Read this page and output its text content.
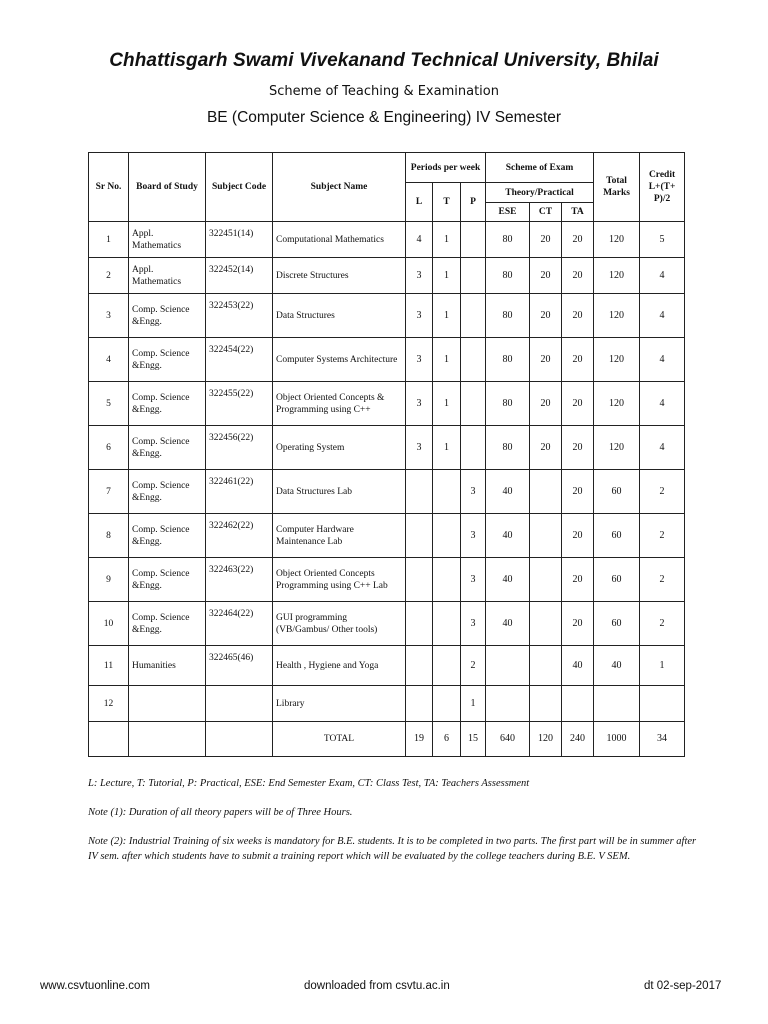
Chhattisgarh Swami Vivekanand Technical University, Bhilai
Scheme of Teaching & Examination
BE (Computer Science & Engineering) IV Semester
Sr No.	Board of Study	Subject Code	Subject Name	Periods per week			Scheme of Exam			Total Marks	Credit L+(T+ P)/2
				L	T	P	Theory/Practical				
							ESE	CT	TA		
1	Appl. Mathematics	322451(14)	Computational Mathematics	4	1		80	20	20	120	5
2	Appl. Mathematics	322452(14)	Discrete Structures	3	1		80	20	20	120	4
3	Comp. Science &Engg.	322453(22)	Data Structures	3	1		80	20	20	120	4
4	Comp. Science &Engg.	322454(22)	Computer Systems Architecture	3	1		80	20	20	120	4
5	Comp. Science &Engg.	322455(22)	Object Oriented Concepts & Programming using C++	3	1		80	20	20	120	4
6	Comp. Science &Engg.	322456(22)	Operating System	3	1		80	20	20	120	4
7	Comp. Science &Engg.	322461(22)	Data Structures Lab			3	40		20	60	2
8	Comp. Science &Engg.	322462(22)	Computer Hardware Maintenance Lab			3	40		20	60	2
9	Comp. Science &Engg.	322463(22)	Object Oriented Concepts Programming using C++ Lab			3	40		20	60	2
10	Comp. Science &Engg.	322464(22)	GUI programming (VB/Gambus/ Other tools)			3	40		20	60	2
11	Humanities	322465(46)	Health , Hygiene and Yoga			2			40	40	1
12			Library			1					
			TOTAL	19	6	15	640	120	240	1000	34
L: Lecture, T: Tutorial, P: Practical, ESE: End Semester Exam, CT: Class Test, TA: Teachers Assessment
Note (1): Duration of all theory papers will be of Three Hours.
Note (2): Industrial Training of six weeks is mandatory for B.E. students. It is to be completed in two parts. The first part will be in summer after IV sem. after which students have to submit a training report which will be evaluated by the college teachers during B.E. V SEM.
www.csvtuonline.com	downloaded from csvtu.ac.in	dt 02-sep-2017
